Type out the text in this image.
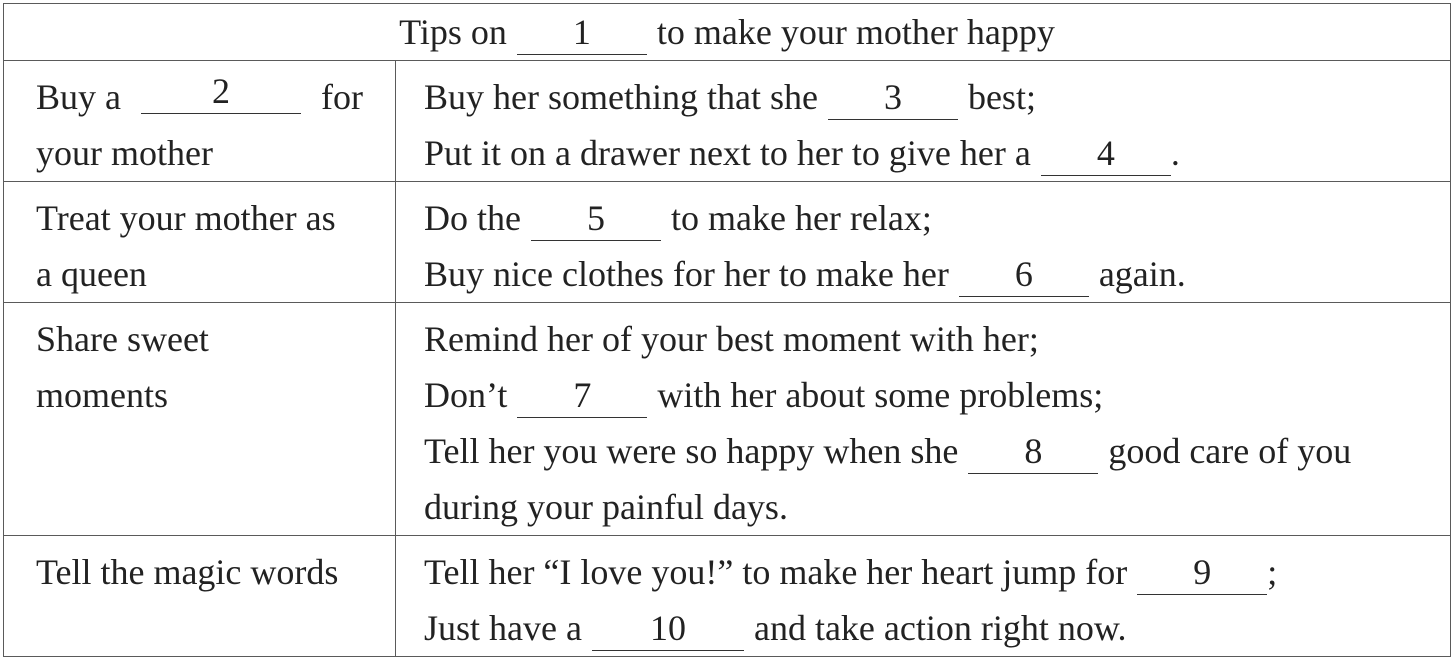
Tips on 1 to make your mother happy	

Buy a 2 for
your mother	Buy her something that she 3 best;
Put it on a drawer next to her to give her a 4 .

Treat your mother as
a queen	Do the 5 to make her relax;
Buy nice clothes for her to make her 6 again.

Share sweet
moments	Remind her of your best moment with her;
Don’t 7 with her about some problems;
Tell her you were so happy when she 8 good care of you
during your painful days.

Tell the magic words	Tell her “I love you!” to make her heart jump for 9 ;
Just have a 10 and take action right now.
